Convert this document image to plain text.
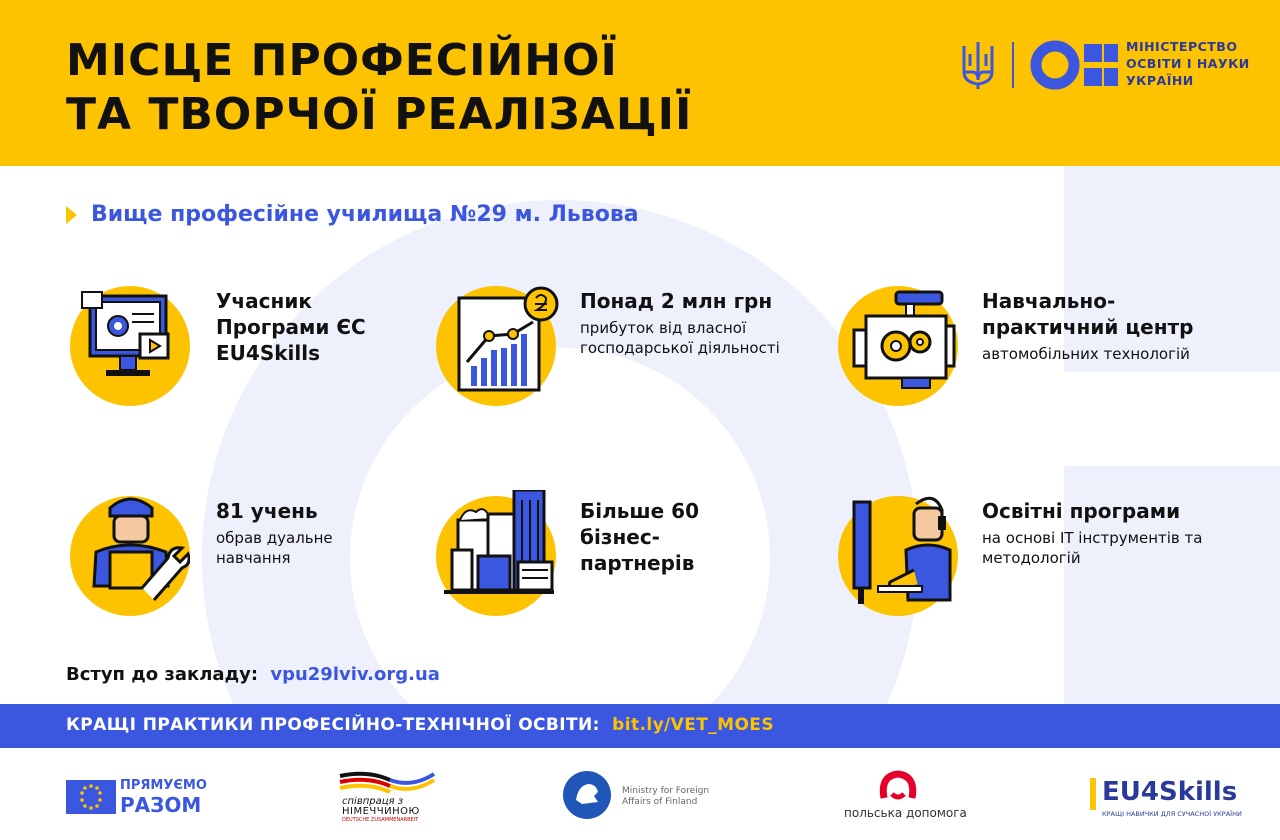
МІСЦЕ ПРОФЕСІЙНОЇ
ТА ТВОРЧОЇ РЕАЛІЗАЦІЇ
МІНІСТЕРСТВО
ОСВІТИ І НАУКИ
УКРАЇНИ
Вище професійне училища №29 м. Львова
Учасник Програми ЄС EU4Skills
Понад 2 млн грн
прибуток від власної господарської діяльності
Навчально-практичний центр
автомобільних технологій
81 учень
обрав дуальне навчання
Більше 60 бізнес-партнерів
Освітні програми
на основі ІТ інструментів та методологій
Вступ до закладу: vpu29lviv.org.ua
КРАЩІ ПРАКТИКИ ПРОФЕСІЙНО-ТЕХНІЧНОЇ ОСВІТИ: bit.ly/VET_MOES
ПРЯМУЄМО
РАЗОМ	співпраця з
НІМЕЧЧИНОЮ
DEUTSCHE ZUSAMMENARBEIT
Ministry for Foreign
Affairs of Finland
польська допомога
EU4Skills
КРАЩІ НАВИЧКИ ДЛЯ СУЧАСНОЇ УКРАЇНИ
